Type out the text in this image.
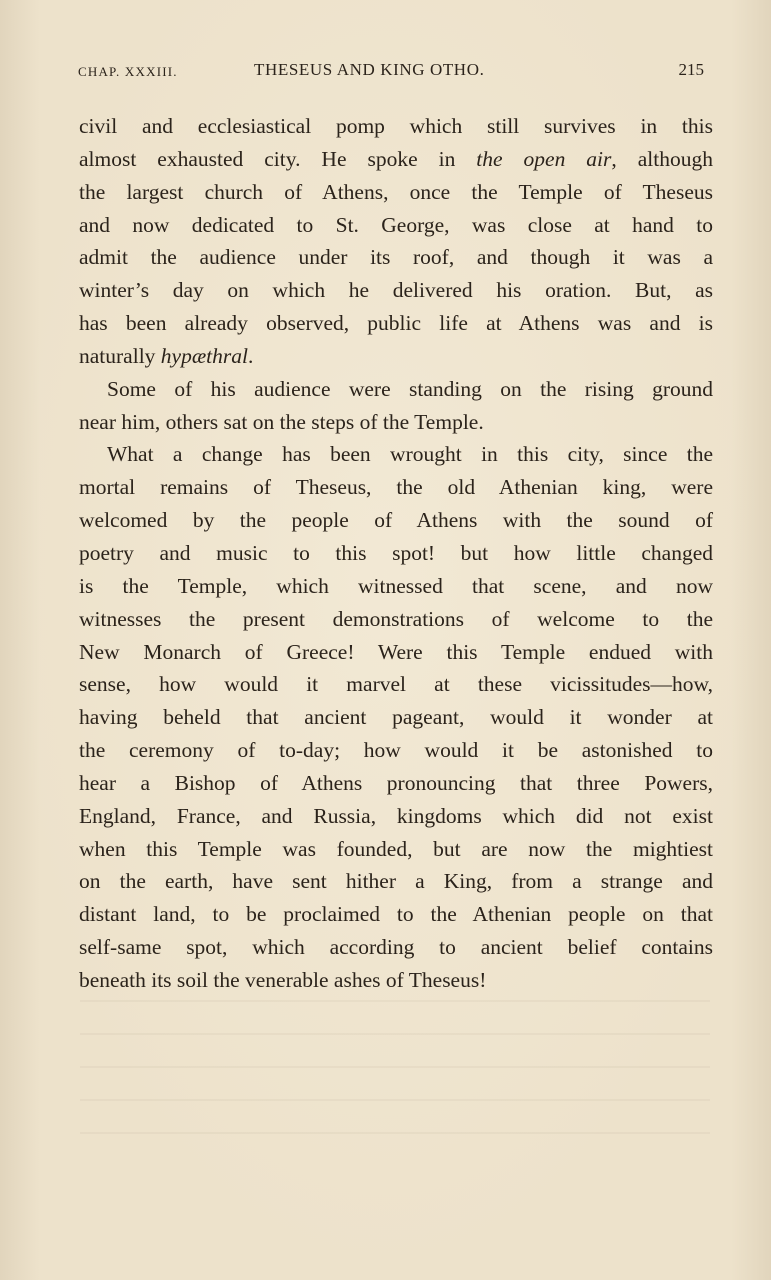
CHAP. XXXIII.	THESEUS AND KING OTHO.	215
civil and ecclesiastical pomp which still survives in this
almost exhausted city. He spoke in the open air, although
the largest church of Athens, once the Temple of Theseus
and now dedicated to St. George, was close at hand to
admit the audience under its roof, and though it was a
winter’s day on which he delivered his oration. But, as
has been already observed, public life at Athens was and is
naturally hypæthral.
Some of his audience were standing on the rising ground
near him, others sat on the steps of the Temple.
What a change has been wrought in this city, since the
mortal remains of Theseus, the old Athenian king, were
welcomed by the people of Athens with the sound of
poetry and music to this spot! but how little changed
is the Temple, which witnessed that scene, and now
witnesses the present demonstrations of welcome to the
New Monarch of Greece! Were this Temple endued with
sense, how would it marvel at these vicissitudes—how,
having beheld that ancient pageant, would it wonder at
the ceremony of to-day; how would it be astonished to
hear a Bishop of Athens pronouncing that three Powers,
England, France, and Russia, kingdoms which did not exist
when this Temple was founded, but are now the mightiest
on the earth, have sent hither a King, from a strange and
distant land, to be proclaimed to the Athenian people on that
self-same spot, which according to ancient belief contains
beneath its soil the venerable ashes of Theseus!
